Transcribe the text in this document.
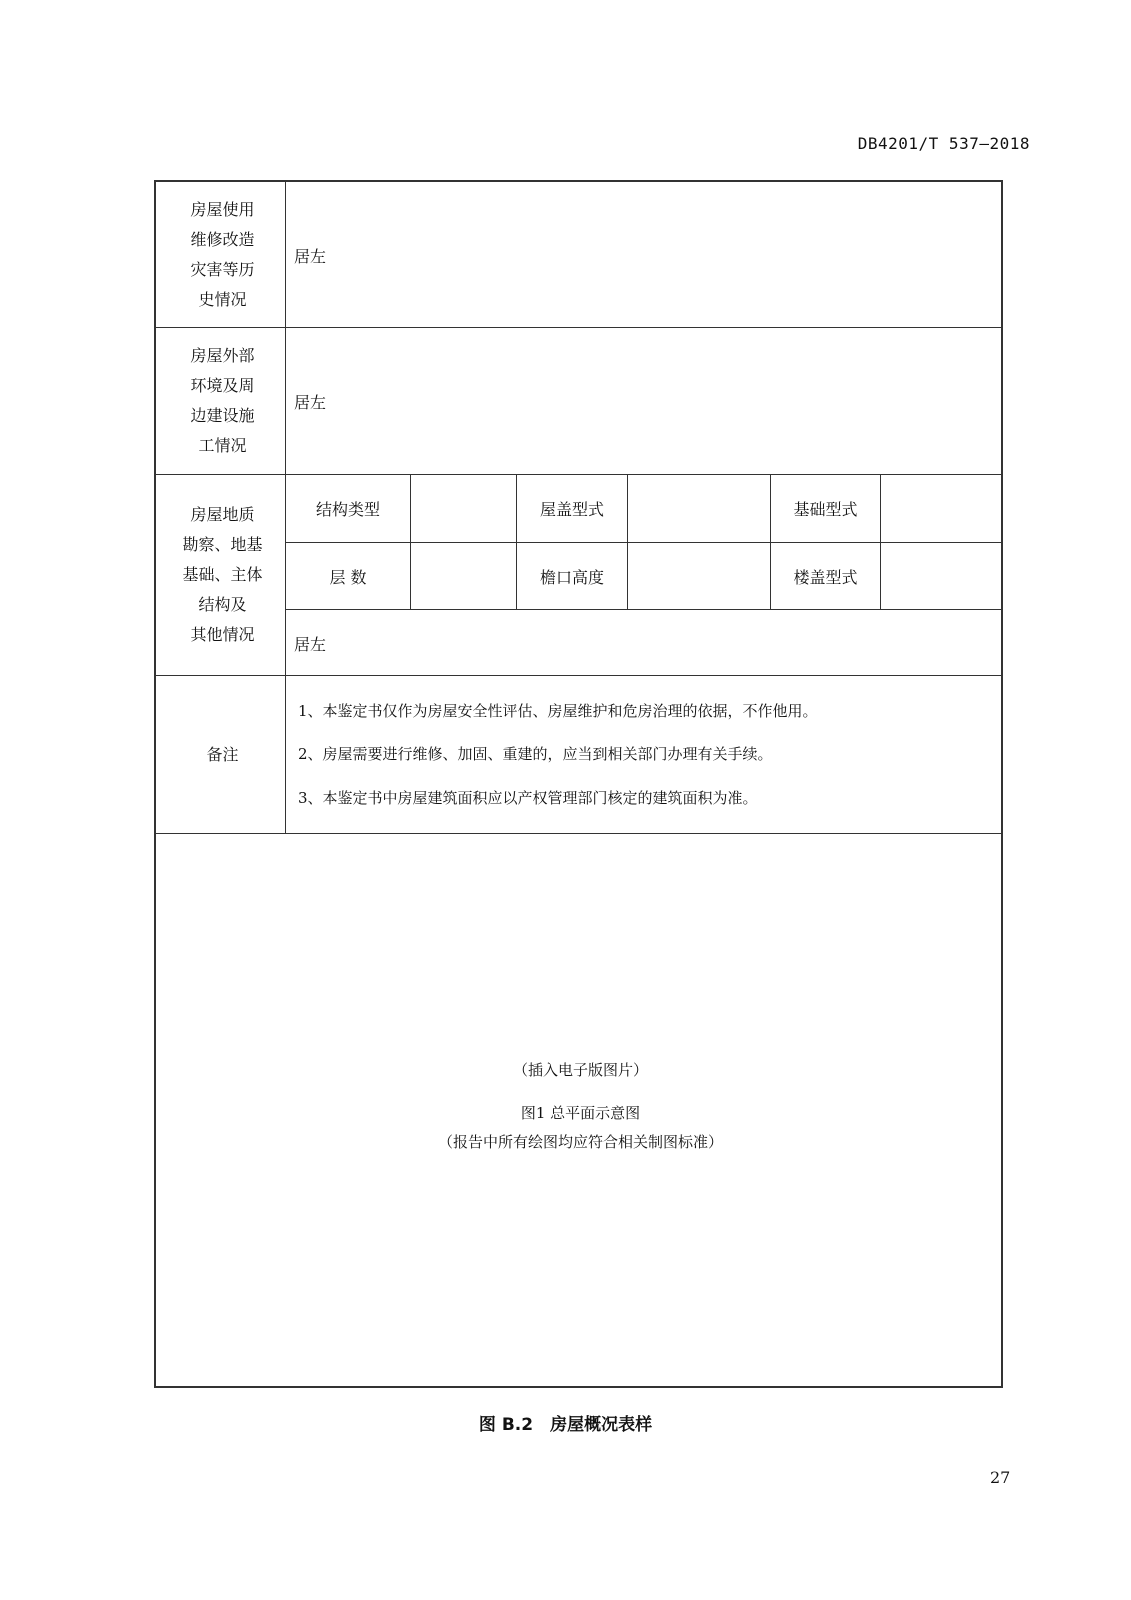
DB4201/T 537—2018
房屋使用
维修改造
灾害等历
史情况
居左
房屋外部
环境及周
边建设施
工情况
居左
房屋地质
勘察、地基
基础、主体
结构及
其他情况
结构类型	屋盖型式	基础型式
层 数	檐口高度	楼盖型式
居左
备注
1、本鉴定书仅作为房屋安全性评估、房屋维护和危房治理的依据，不作他用。
2、房屋需要进行维修、加固、重建的，应当到相关部门办理有关手续。
3、本鉴定书中房屋建筑面积应以产权管理部门核定的建筑面积为准。
（插入电子版图片）
图1 总平面示意图
（报告中所有绘图均应符合相关制图标准）
图 B.2　房屋概况表样
27
